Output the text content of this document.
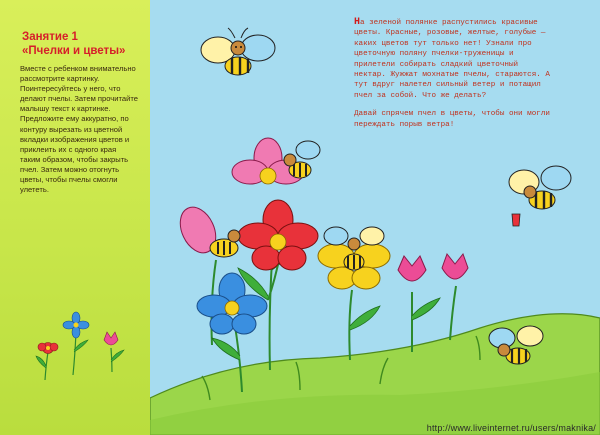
Занятие 1
«Пчелки и цветы»
Вместе с ребенком внимательно рассмотрите картинку. Поинтересуйтесь у него, что делают пчелы. Затем прочитайте малышу текст к картинке. Предложите ему аккуратно, по контуру вырезать из цветной вкладки изображения цветов и приклеить их с одного края таким образом, чтобы закрыть пчел. Затем можно отогнуть цветы, чтобы пчелы смогли улететь.

На зеленой полянке распустились красивые цветы. Красные, розовые, желтые, голубые — каких цветов тут только нет! Узнали про цветочную поляну пчелки-труженицы и прилетели собирать сладкий цветочный нектар. Жужжат мохнатые пчелы, стараются. А тут вдруг налетел сильный ветер и потащил пчел за собой. Что же делать?

Давай спрячем пчел в цветы, чтобы они могли переждать порыв ветра!

http://www.liveinternet.ru/users/maknika/
